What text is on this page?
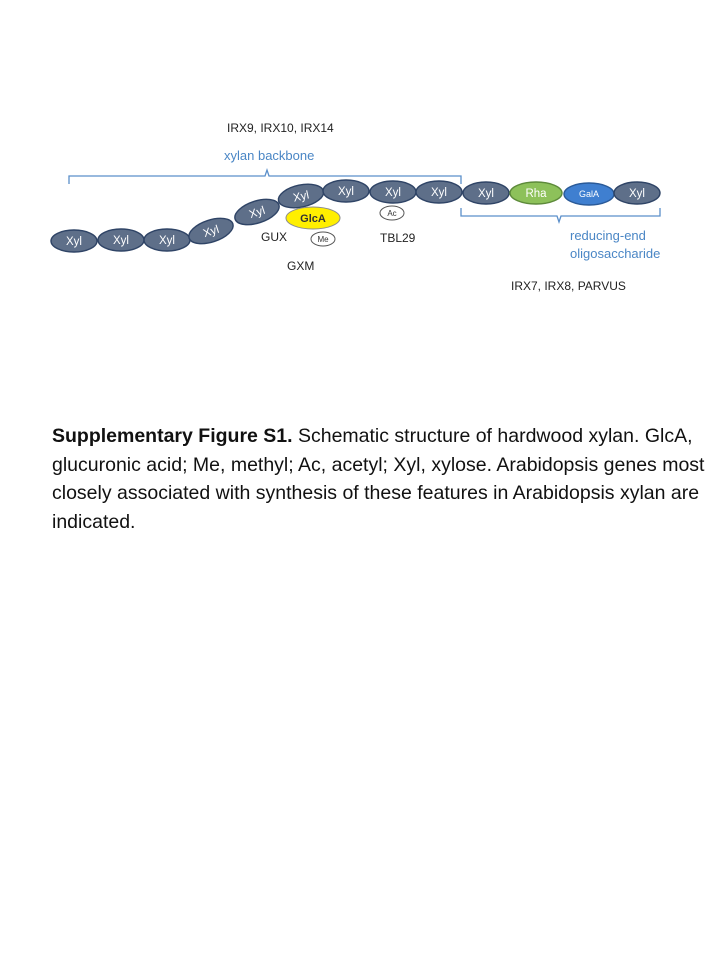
IRX9, IRX10, IRX14
xylan backbone
Xyl	Xyl	Xyl
Xyl
Xyl
Xyl Xyl	Xyl	Xyl	Xyl	Rha	GalA	Xyl
GlcA
Me
Ac
GUX
GXM
TBL29	reducing-end
oligosaccharide
IRX7, IRX8, PARVUS
Supplementary Figure S1. Schematic structure of hardwood xylan. GlcA, glucuronic acid; Me, methyl; Ac, acetyl; Xyl, xylose. Arabidopsis genes most closely associated with synthesis of these features in Arabidopsis xylan are indicated.
